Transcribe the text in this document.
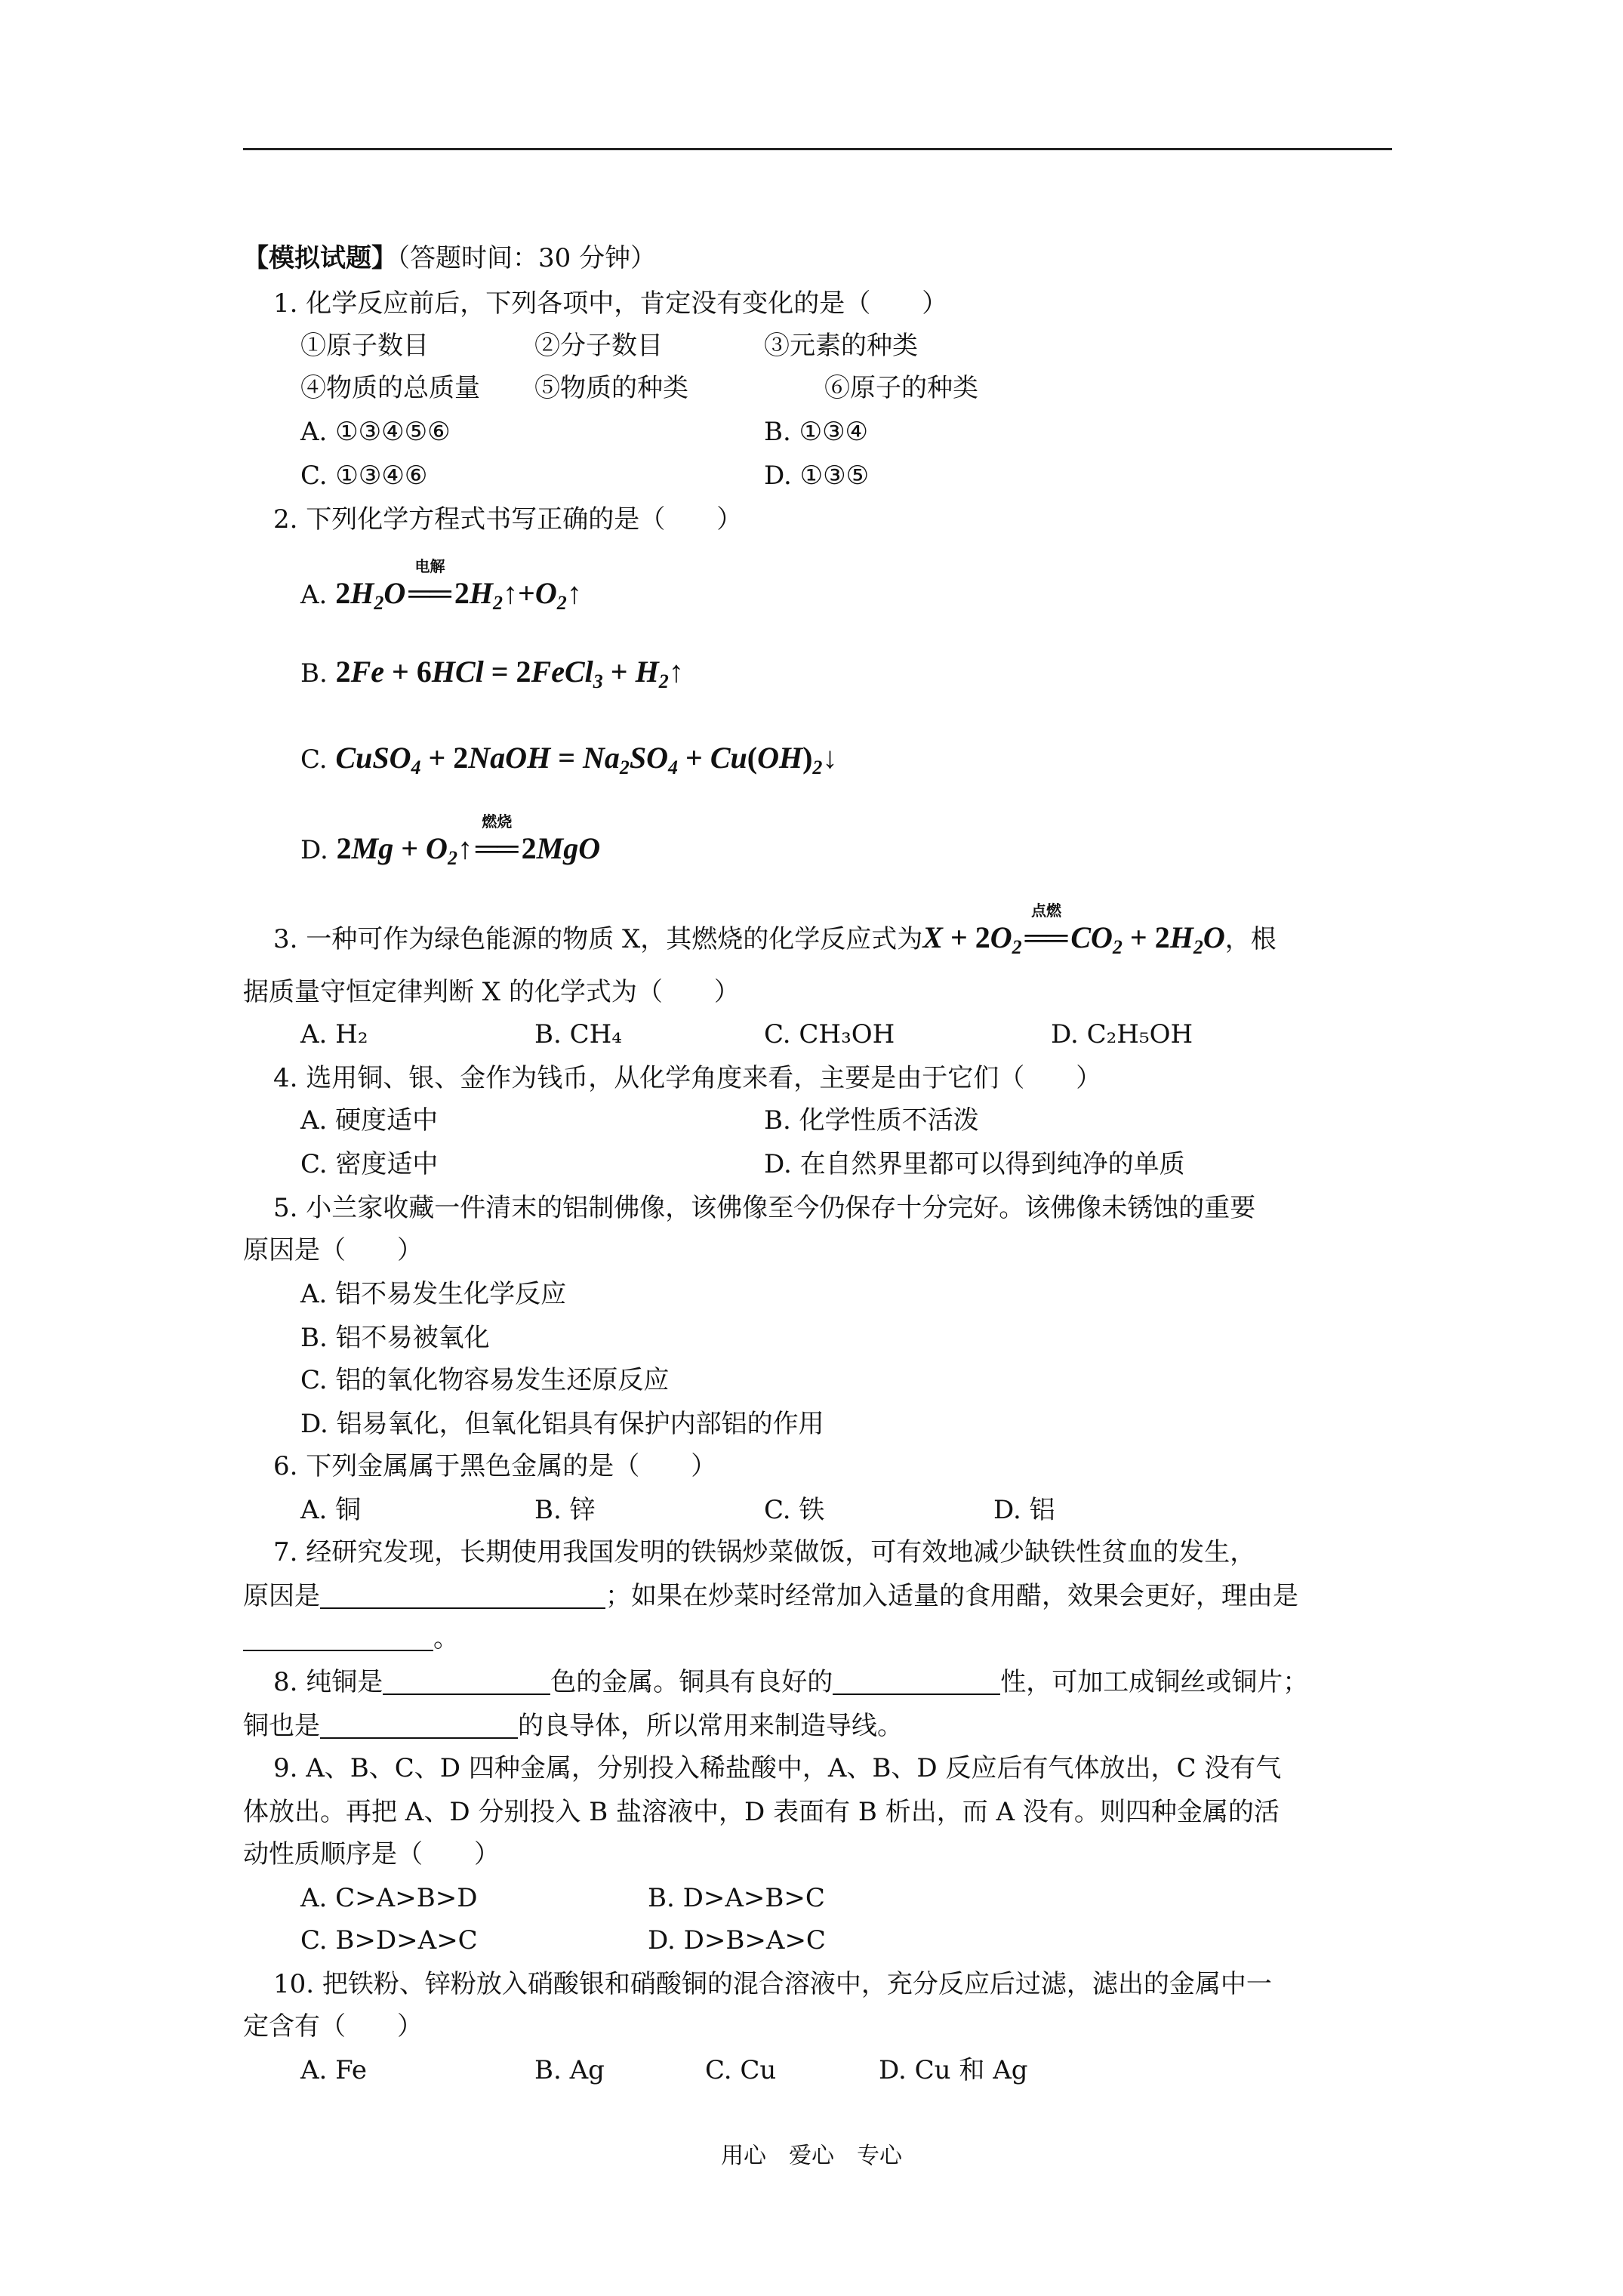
【模拟试题】（答题时间：30 分钟）
1. 化学反应前后，下列各项中，肯定没有变化的是（　　）
①原子数目	②分子数目	③元素的种类
④物质的总质量 ⑤物质的种类	⑥原子的种类
A. ①③④⑤⑥	B. ①③④
C. ①③④⑥	D. ①③⑤
2. 下列化学方程式书写正确的是（　　）
A. $2H_2O$
电解
══ $2H_2↑+O_2↑$
B. 2Fe + 6HCl = 2FeCl$_3$ + $H_2↑$
C. CuSO$_4$ + 2NaOH = $Na_2SO_4$ + $Cu(OH)_2↓$
D. $2Mg + O_2↑$
燃烧
══ 2MgO
3. 一种可作为绿色能源的物质 X，其燃烧的化学反应式为$X + 2O_2$
点燃
══ $CO_2 + 2H_2O$，根
据质量守恒定律判断 X 的化学式为（　　）
A. H₂	B. CH₄	C. CH₃OH	D. C₂H₅OH
4. 选用铜、银、金作为钱币，从化学角度来看，主要是由于它们（　　）
A. 硬度适中	B. 化学性质不活泼
C. 密度适中	D. 在自然界里都可以得到纯净的单质
5. 小兰家收藏一件清末的铝制佛像，该佛像至今仍保存十分完好。该佛像未锈蚀的重要
原因是（　　）
A. 铝不易发生化学反应
B. 铝不易被氧化
C. 铝的氧化物容易发生还原反应
D. 铝易氧化，但氧化铝具有保护内部铝的作用
6. 下列金属属于黑色金属的是（　　）
A. 铜	B. 锌	C. 铁	D. 铝
7. 经研究发现，长期使用我国发明的铁锅炒菜做饭，可有效地减少缺铁性贫血的发生，
原因是	；如果在炒菜时经常加入适量的食用醋，效果会更好，理由是
。
8. 纯铜是	色的金属。铜具有良好的	性，可加工成铜丝或铜片；
铜也是	的良导体，所以常用来制造导线。
9. A、B、C、D 四种金属，分别投入稀盐酸中，A、B、D 反应后有气体放出，C 没有气
体放出。再把 A、D 分别投入 B 盐溶液中，D 表面有 B 析出，而 A 没有。则四种金属的活
动性质顺序是（　　）
A. C>A>B>D	B. D>A>B>C
C. B>D>A>C	D. D>B>A>C
10. 把铁粉、锌粉放入硝酸银和硝酸铜的混合溶液中，充分反应后过滤，滤出的金属中一
定含有（　　）
A. Fe	B. Ag	C. Cu	D. Cu 和 Ag
用心　爱心　专心
